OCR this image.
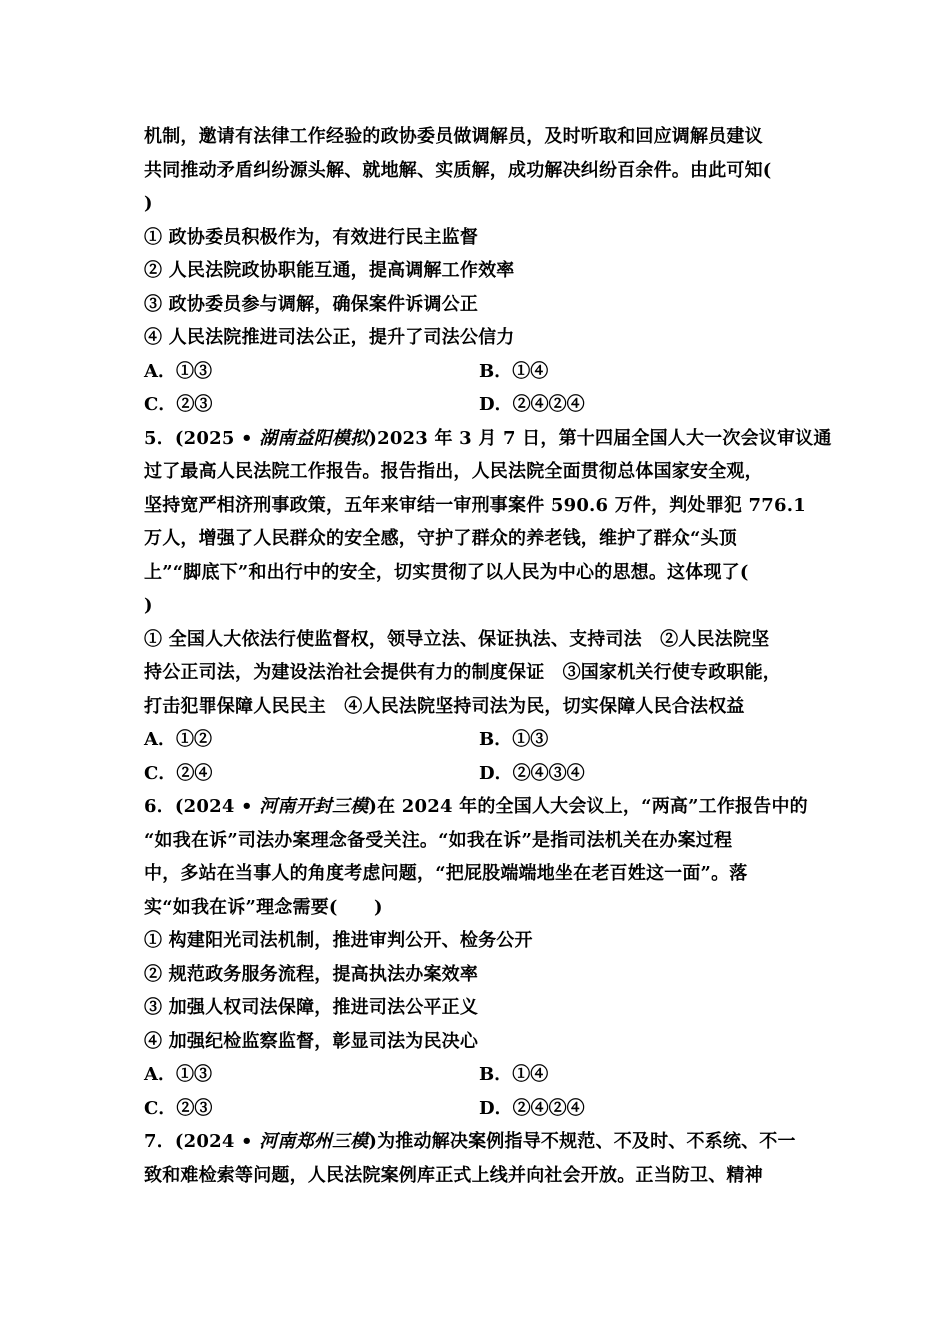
机制，邀请有法律工作经验的政协委员做调解员，及时听取和回应调解员建议
共同推动矛盾纠纷源头解、就地解、实质解，成功解决纠纷百余件。由此可知(
)
① 政协委员积极作为，有效进行民主监督
② 人民法院政协职能互通，提高调解工作效率
③ 政协委员参与调解，确保案件诉调公正
④ 人民法院推进司法公正，提升了司法公信力
A．①③	B．①④
C．②③	D．②④②④
5．(2025 • 湖南益阳模拟)2023 年 3 月 7 日，第十四届全国人大一次会议审议通
过了最高人民法院工作报告。报告指出，人民法院全面贯彻总体国家安全观，
坚持宽严相济刑事政策，五年来审结一审刑事案件 590.6 万件，判处罪犯 776.1
万人，增强了人民群众的安全感，守护了群众的养老钱，维护了群众“头顶
上”“脚底下”和出行中的安全，切实贯彻了以人民为中心的思想。这体现了(
)
① 全国人大依法行使监督权，领导立法、保证执法、支持司法　②人民法院坚
持公正司法，为建设法治社会提供有力的制度保证　③国家机关行使专政职能，
打击犯罪保障人民民主　④人民法院坚持司法为民，切实保障人民合法权益
A．①②	B．①③
C．②④	D．②④③④
6．(2024 • 河南开封三模)在 2024 年的全国人大会议上，“两高”工作报告中的
“如我在诉”司法办案理念备受关注。“如我在诉”是指司法机关在办案过程
中，多站在当事人的角度考虑问题，“把屁股端端地坐在老百姓这一面”。落
实“如我在诉”理念需要(　　)
① 构建阳光司法机制，推进审判公开、检务公开
② 规范政务服务流程，提高执法办案效率
③ 加强人权司法保障，推进司法公平正义
④ 加强纪检监察监督，彰显司法为民决心
A．①③	B．①④
C．②③	D．②④②④
7．(2024 • 河南郑州三模)为推动解决案例指导不规范、不及时、不系统、不一
致和难检索等问题，人民法院案例库正式上线并向社会开放。正当防卫、精神
